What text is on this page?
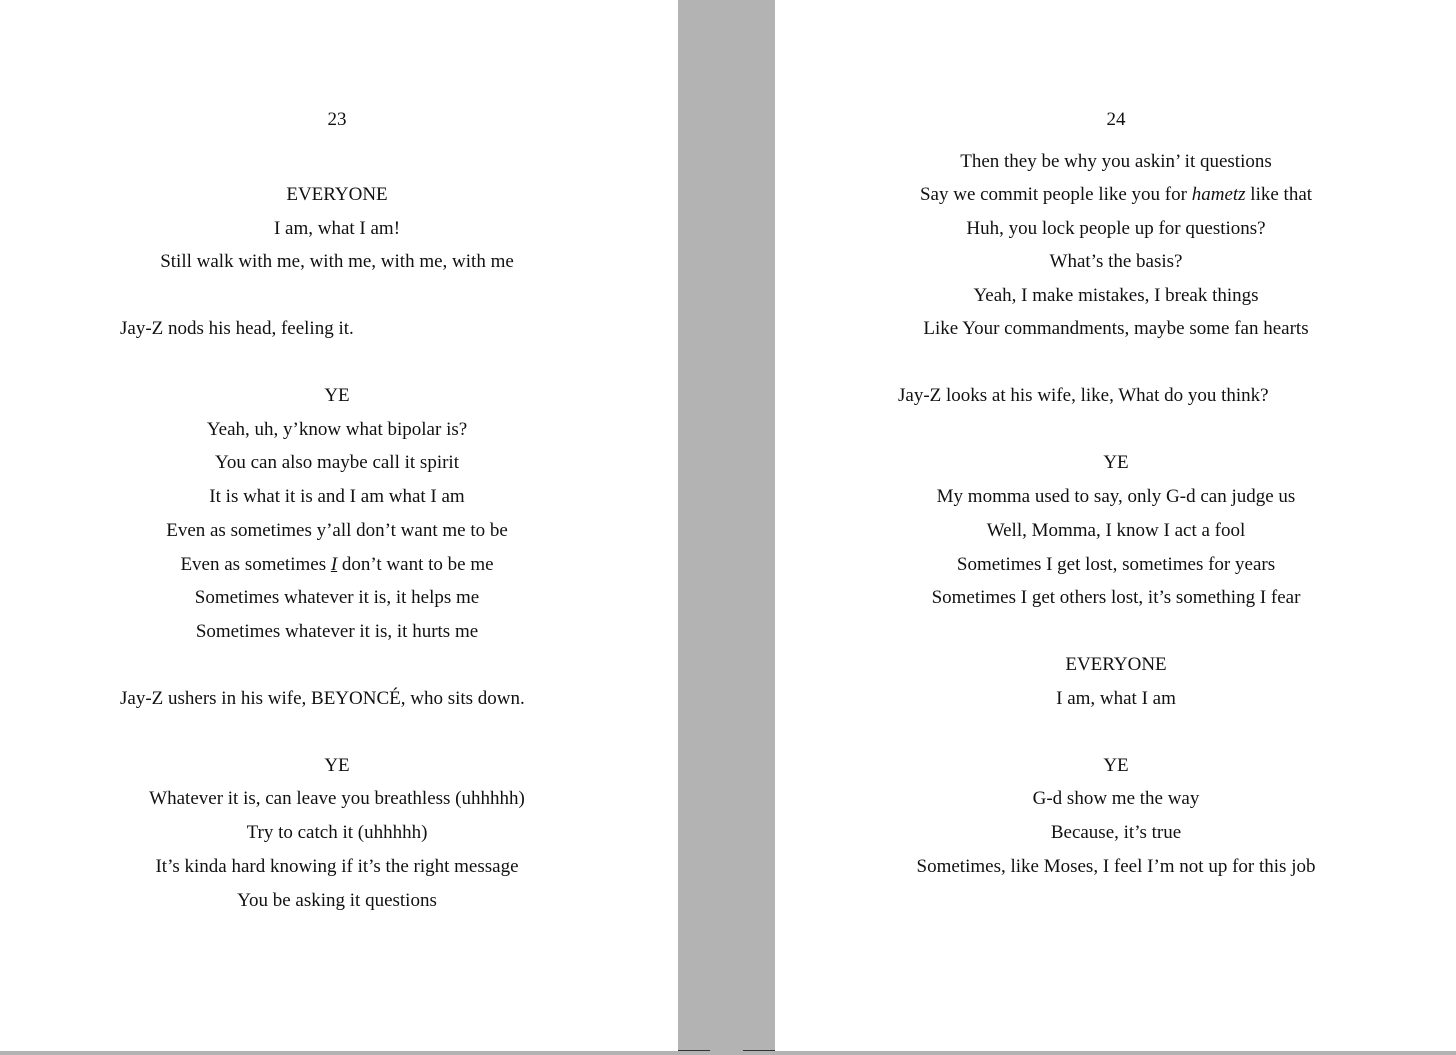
23
EVERYONE
I am, what I am!
Still walk with me, with me, with me, with me
Jay-Z nods his head, feeling it.
YE
Yeah, uh, y’know what bipolar is?
You can also maybe call it spirit
It is what it is and I am what I am
Even as sometimes y’all don’t want me to be
Even as sometimes I don’t want to be me
Sometimes whatever it is, it helps me
Sometimes whatever it is, it hurts me
Jay-Z ushers in his wife, BEYONCÉ, who sits down.
YE
Whatever it is, can leave you breathless (uhhhhh)
Try to catch it (uhhhhh)
It’s kinda hard knowing if it’s the right message
You be asking it questions
24
Then they be why you askin’ it questions
Say we commit people like you for hametz like that
Huh, you lock people up for questions?
What’s the basis?
Yeah, I make mistakes, I break things
Like Your commandments, maybe some fan hearts
Jay-Z looks at his wife, like, What do you think?
YE
My momma used to say, only G-d can judge us
Well, Momma, I know I act a fool
Sometimes I get lost, sometimes for years
Sometimes I get others lost, it’s something I fear
EVERYONE
I am, what I am
YE
G-d show me the way
Because, it’s true
Sometimes, like Moses, I feel I’m not up for this job
